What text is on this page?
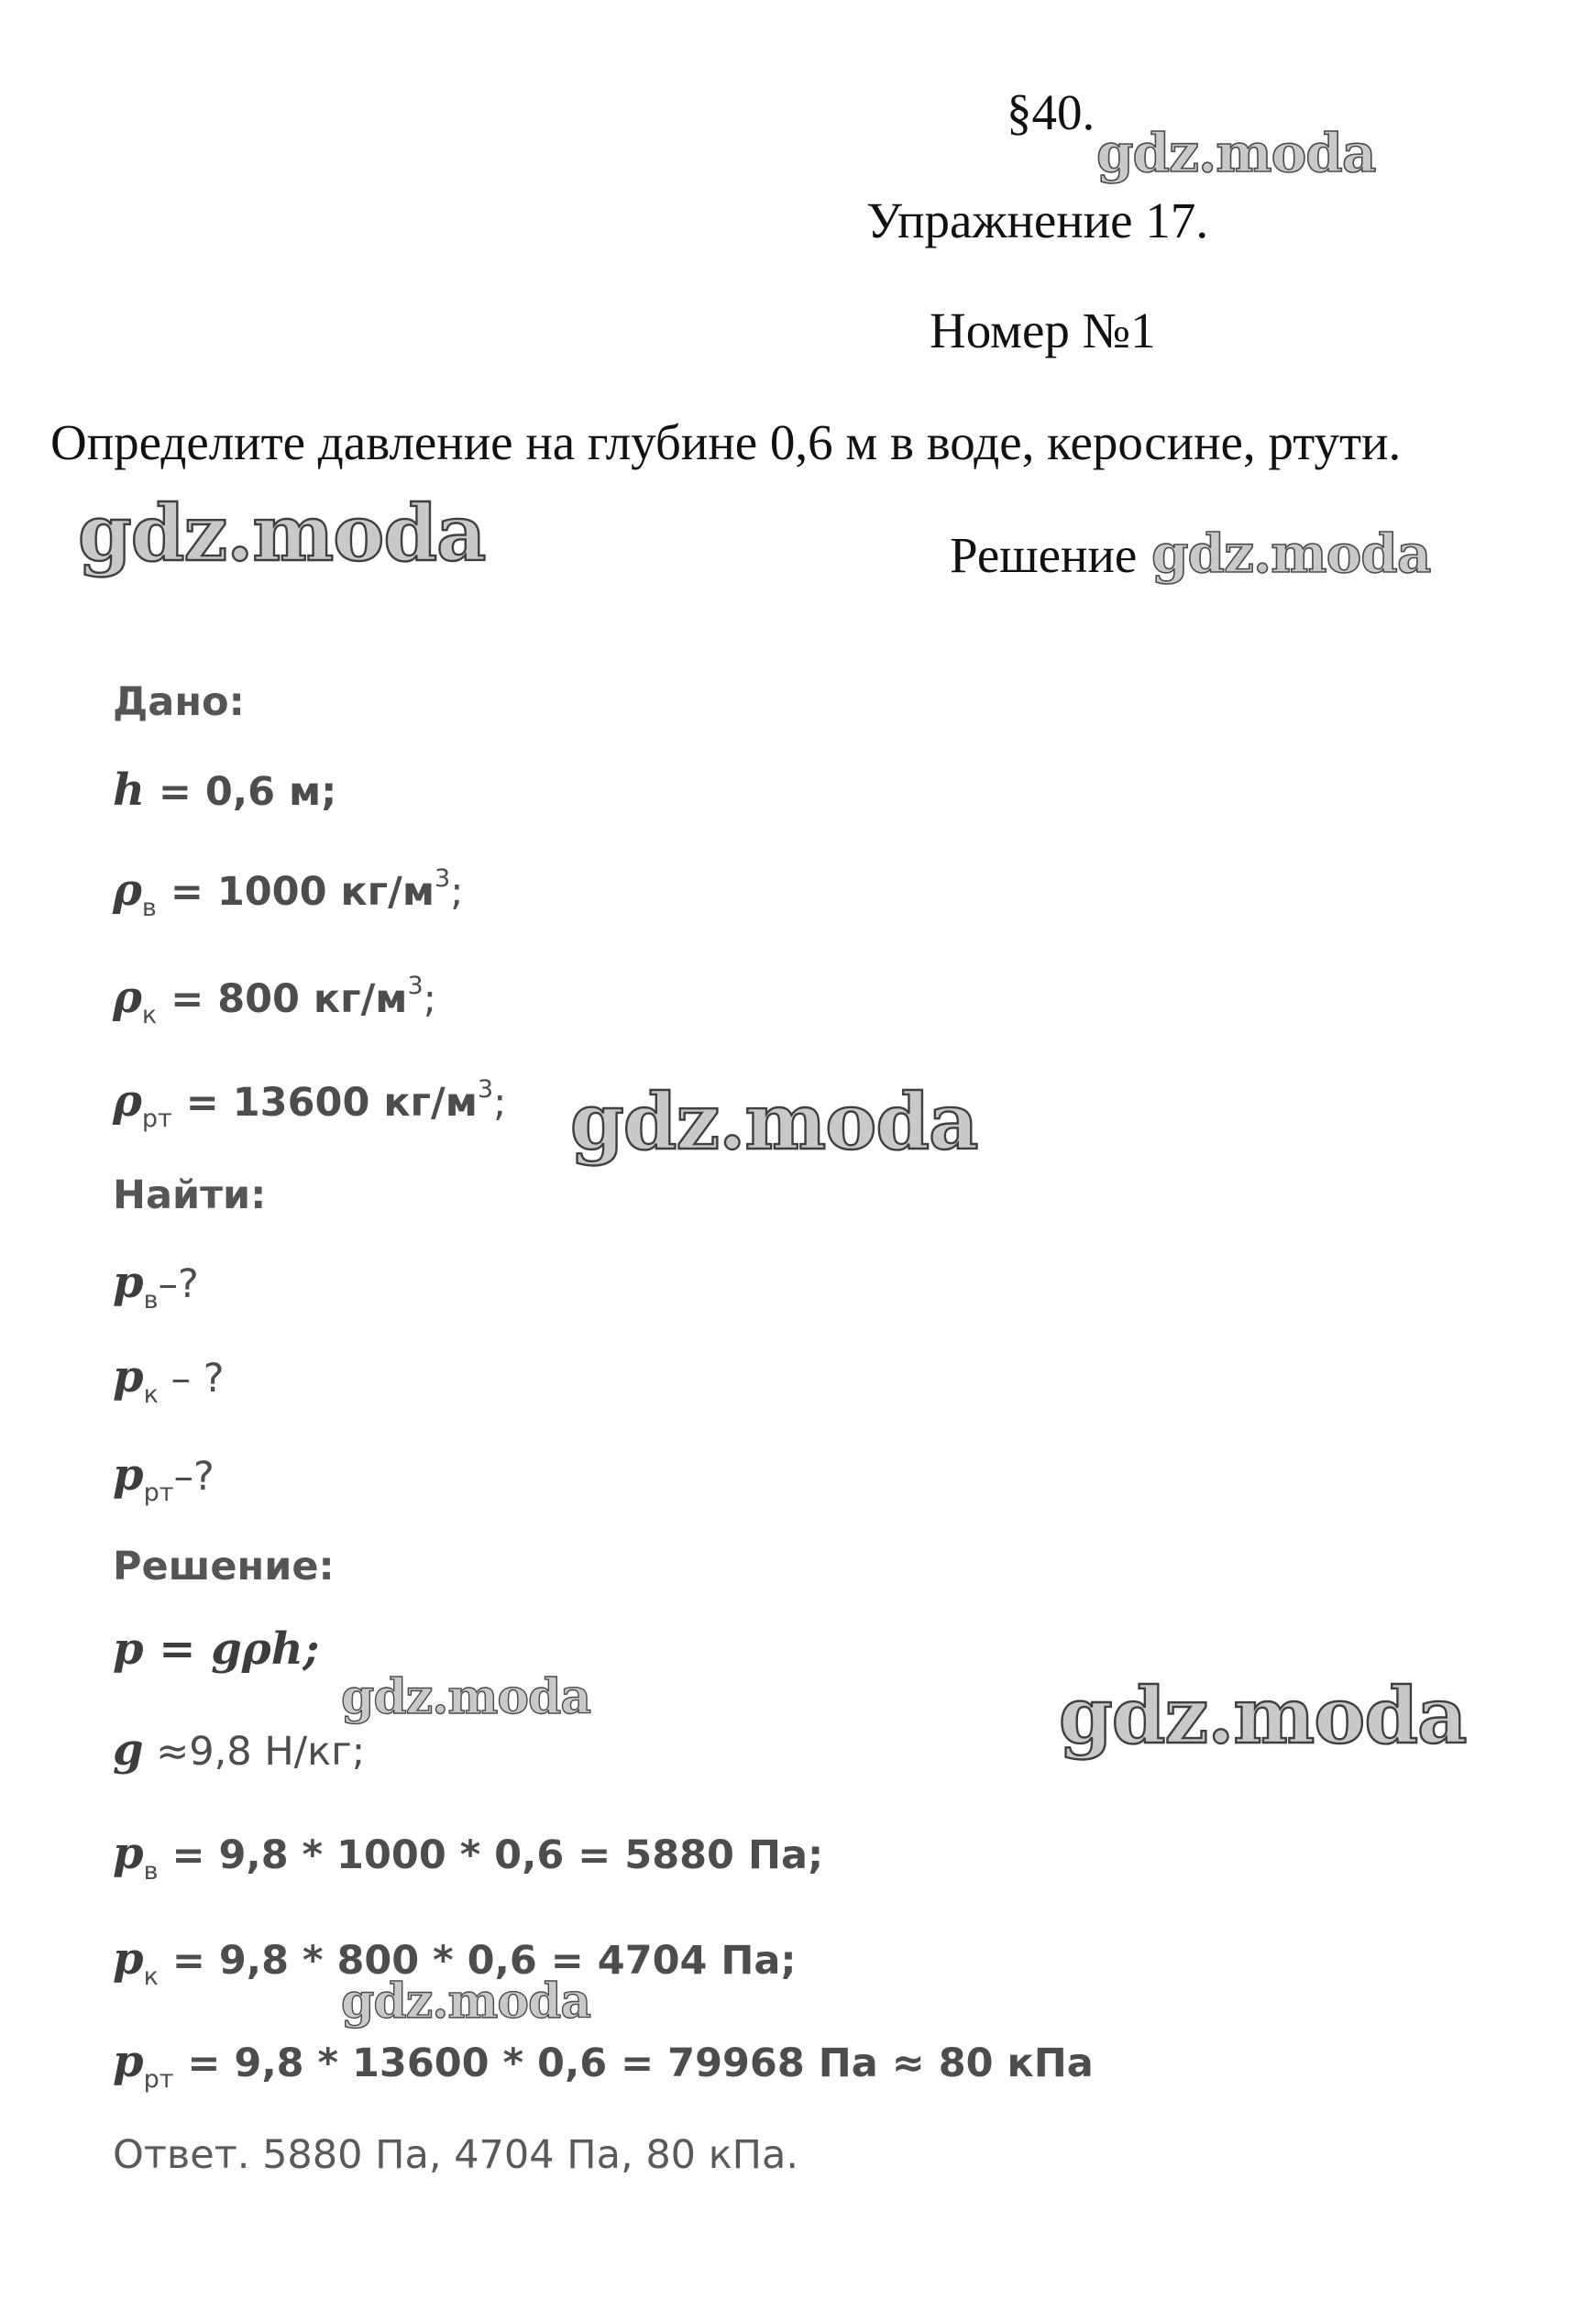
§40.
Упражнение 17.
Номер №1
Определите давление на глубине 0,6 м в воде, керосине, ртути.
Решение
gdz.moda
gdz.moda	gdz.moda
gdz.moda
gdz.moda	gdz.moda
gdz.moda
Дано:
h = 0,6 м;
$\rho_в = 1000$ $кг/м^3$;
$\rho_к = 800$ $кг/м^3$;
$\rho_{рт} = 13600$ $кг/м^3$;
Найти:
$p_в-$?
$p_к$ – ?
$p_{рт}-$?
Решение:
p = gρh;
g ≈9,8 Н/кг;
$p_в = 9,8 * 1000 * 0,6 = 5880$ Па;
$p_к = 9,8 * 800 * 0,6 = 4704$ Па;
$p_{рт} = 9,8 * 13600 * 0,6 = 79968$ Па ≈ 80 кПа
Ответ. 5880 Па, 4704 Па, 80 кПа.
